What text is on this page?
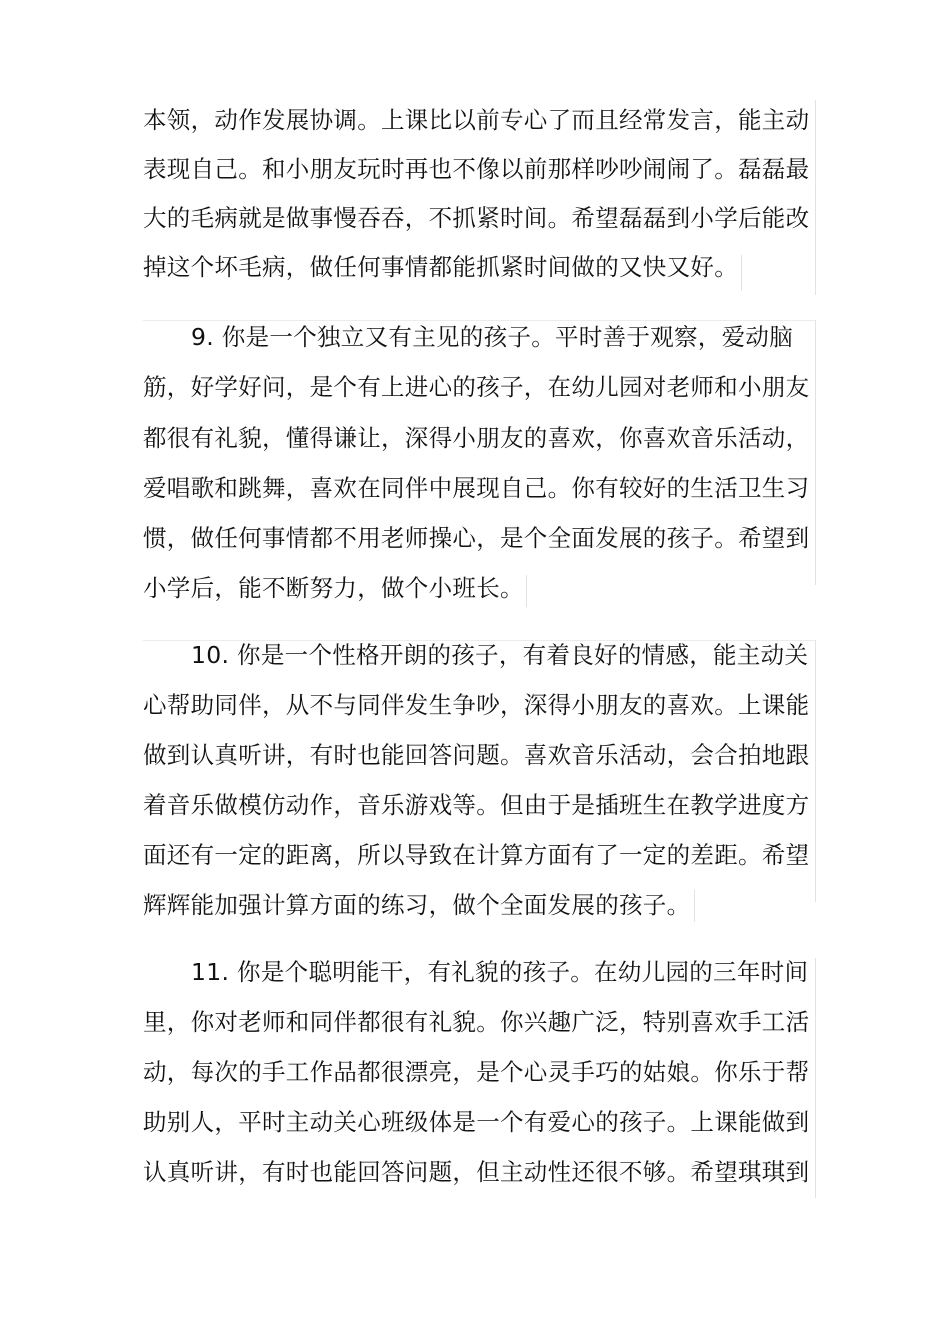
本领，动作发展协调。上课比以前专心了而且经常发言，能主动
表现自己。和小朋友玩时再也不像以前那样吵吵闹闹了。磊磊最
大的毛病就是做事慢吞吞，不抓紧时间。希望磊磊到小学后能改
掉这个坏毛病，做任何事情都能抓紧时间做的又快又好。
9. 你是一个独立又有主见的孩子。平时善于观察，爱动脑
筋，好学好问，是个有上进心的孩子，在幼儿园对老师和小朋友
都很有礼貌，懂得谦让，深得小朋友的喜欢，你喜欢音乐活动，
爱唱歌和跳舞，喜欢在同伴中展现自己。你有较好的生活卫生习
惯，做任何事情都不用老师操心，是个全面发展的孩子。希望到
小学后，能不断努力，做个小班长。
10. 你是一个性格开朗的孩子，有着良好的情感，能主动关
心帮助同伴，从不与同伴发生争吵，深得小朋友的喜欢。上课能
做到认真听讲，有时也能回答问题。喜欢音乐活动，会合拍地跟
着音乐做模仿动作，音乐游戏等。但由于是插班生在教学进度方
面还有一定的距离，所以导致在计算方面有了一定的差距。希望
辉辉能加强计算方面的练习，做个全面发展的孩子。
11. 你是个聪明能干，有礼貌的孩子。在幼儿园的三年时间
里，你对老师和同伴都很有礼貌。你兴趣广泛，特别喜欢手工活
动，每次的手工作品都很漂亮，是个心灵手巧的姑娘。你乐于帮
助别人，平时主动关心班级体是一个有爱心的孩子。上课能做到
认真听讲，有时也能回答问题，但主动性还很不够。希望琪琪到
